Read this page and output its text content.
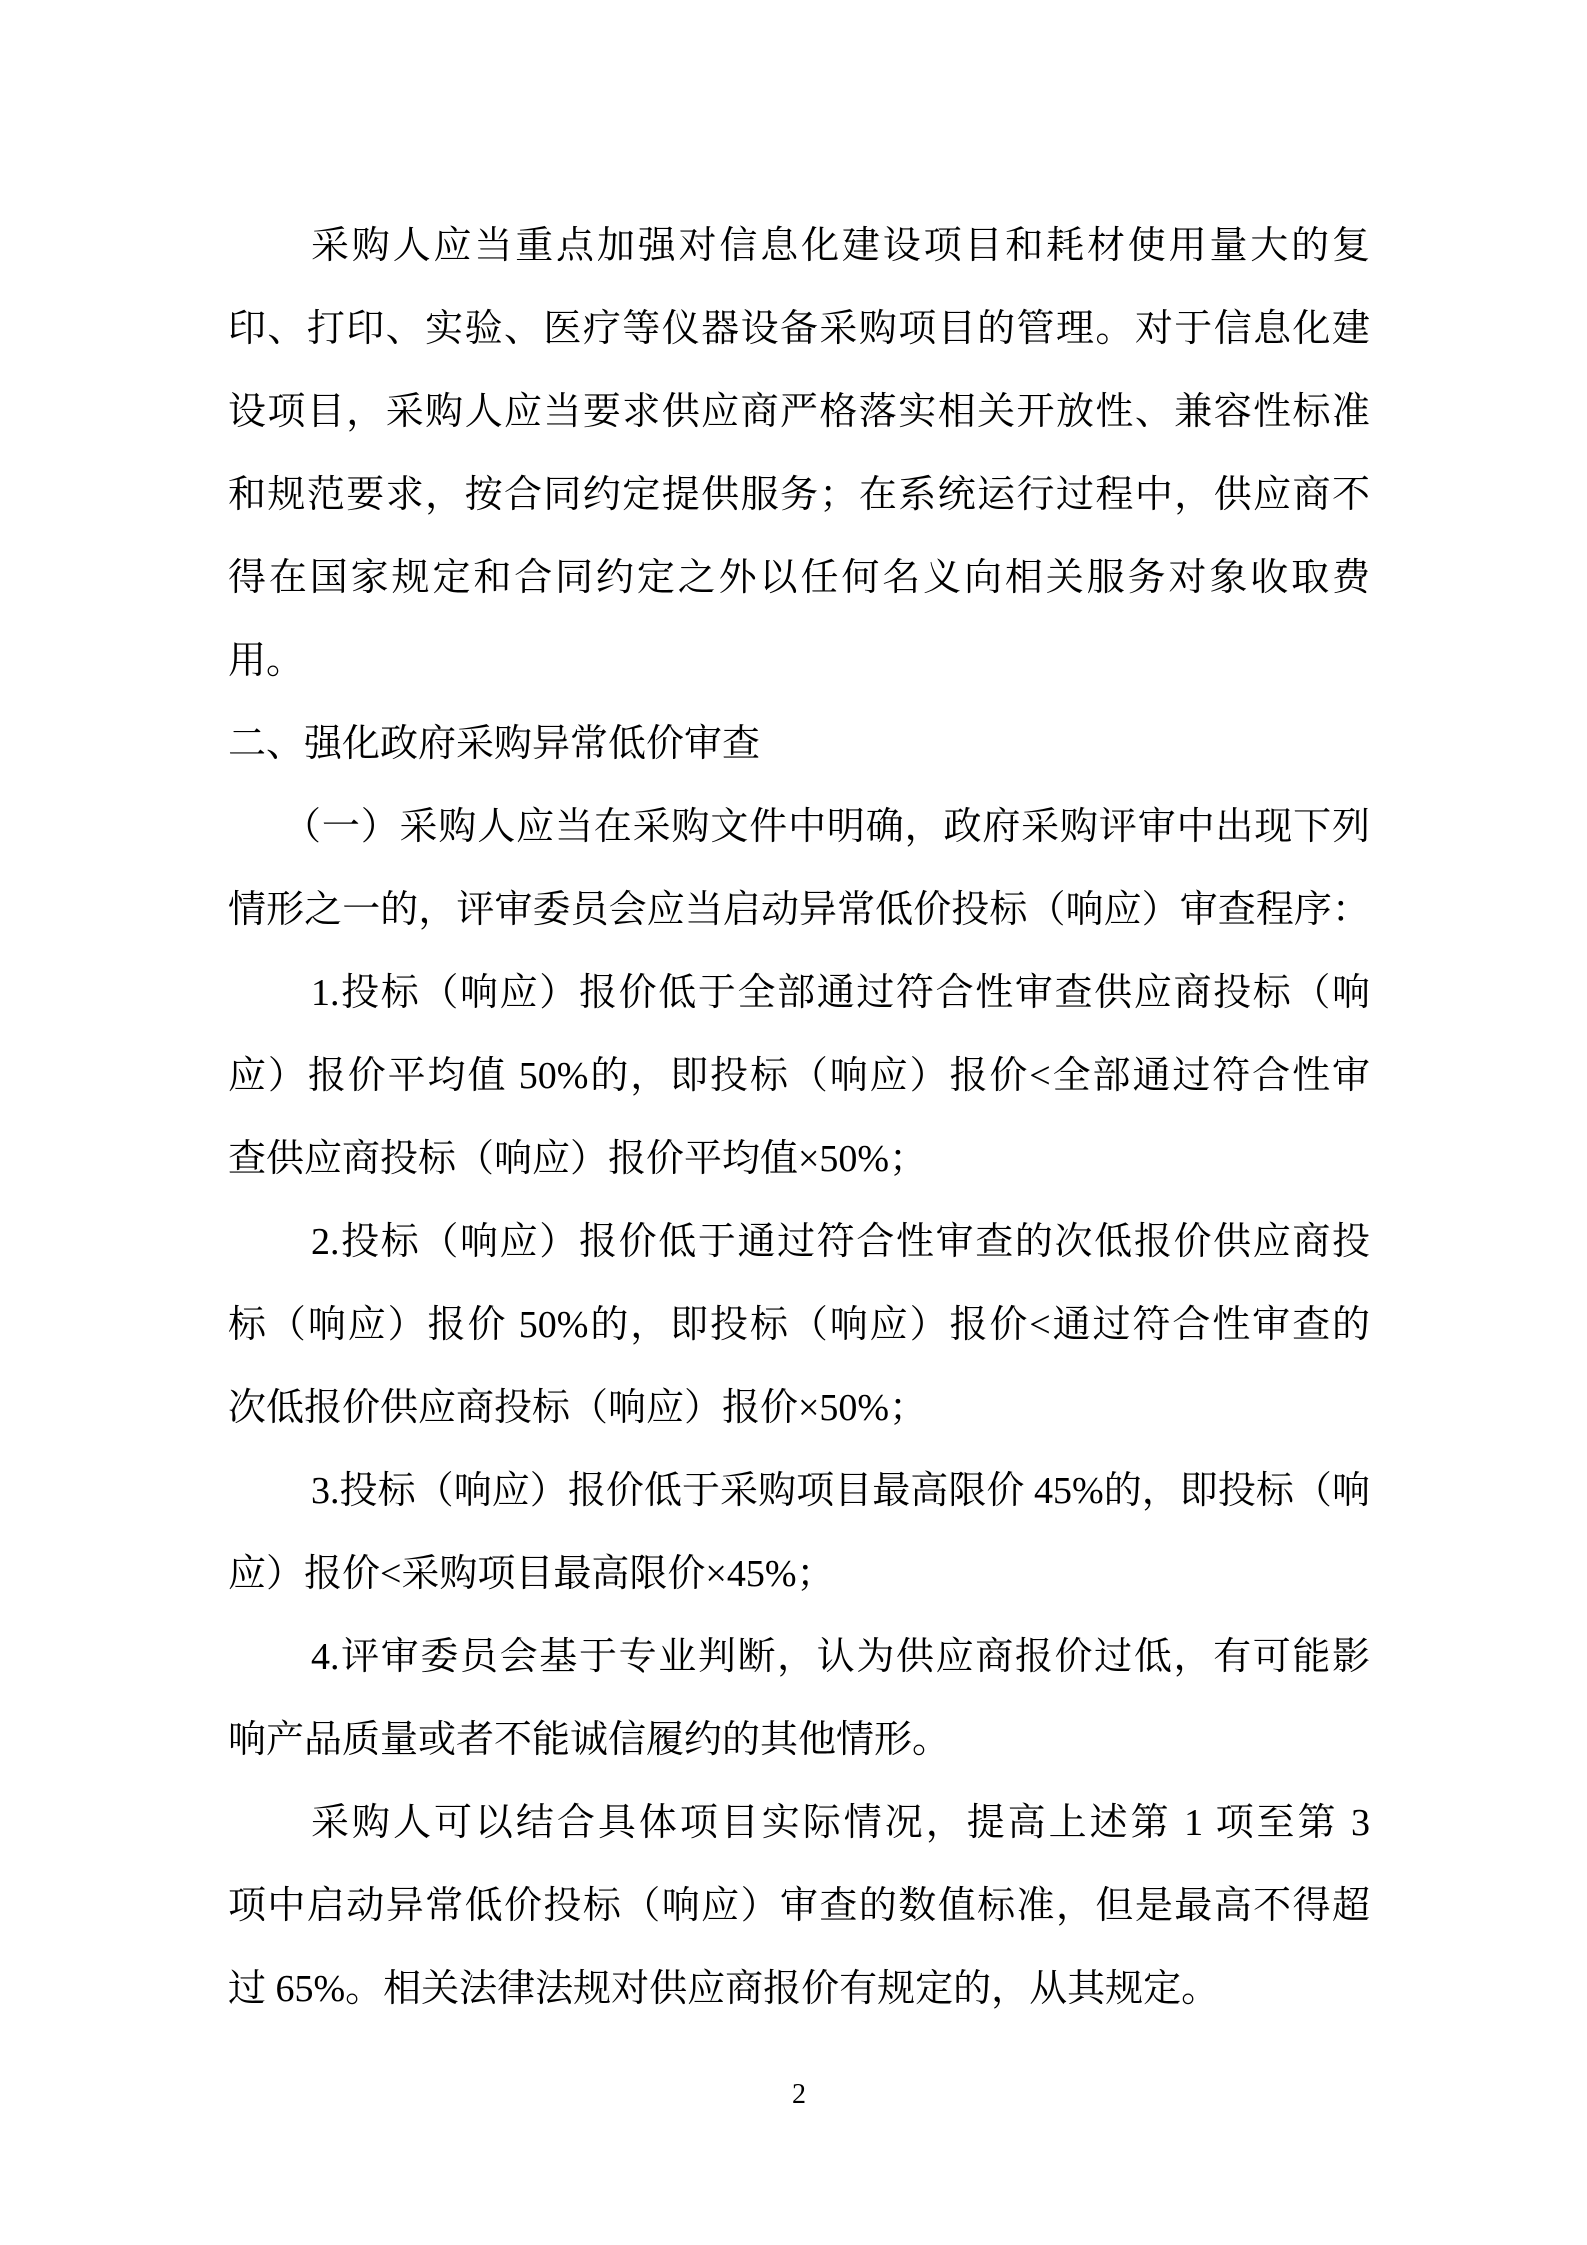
采购人应当重点加强对信息化建设项目和耗材使用量大的复
印、打印、实验、医疗等仪器设备采购项目的管理。对于信息化建
设项目，采购人应当要求供应商严格落实相关开放性、兼容性标准
和规范要求，按合同约定提供服务；在系统运行过程中，供应商不
得在国家规定和合同约定之外以任何名义向相关服务对象收取费
用。
二、强化政府采购异常低价审查
（一）采购人应当在采购文件中明确，政府采购评审中出现下列
情形之一的，评审委员会应当启动异常低价投标（响应）审查程序：
1.投标（响应）报价低于全部通过符合性审查供应商投标（响
应）报价平均值 50%的，即投标（响应）报价<全部通过符合性审
查供应商投标（响应）报价平均值×50%；
2.投标（响应）报价低于通过符合性审查的次低报价供应商投
标（响应）报价 50%的，即投标（响应）报价<通过符合性审查的
次低报价供应商投标（响应）报价×50%；
3.投标（响应）报价低于采购项目最高限价 45%的，即投标（响
应）报价<采购项目最高限价×45%；
4.评审委员会基于专业判断，认为供应商报价过低，有可能影
响产品质量或者不能诚信履约的其他情形。
采购人可以结合具体项目实际情况，提高上述第 1 项至第 3
项中启动异常低价投标（响应）审查的数值标准，但是最高不得超
过 65%。相关法律法规对供应商报价有规定的，从其规定。
2
